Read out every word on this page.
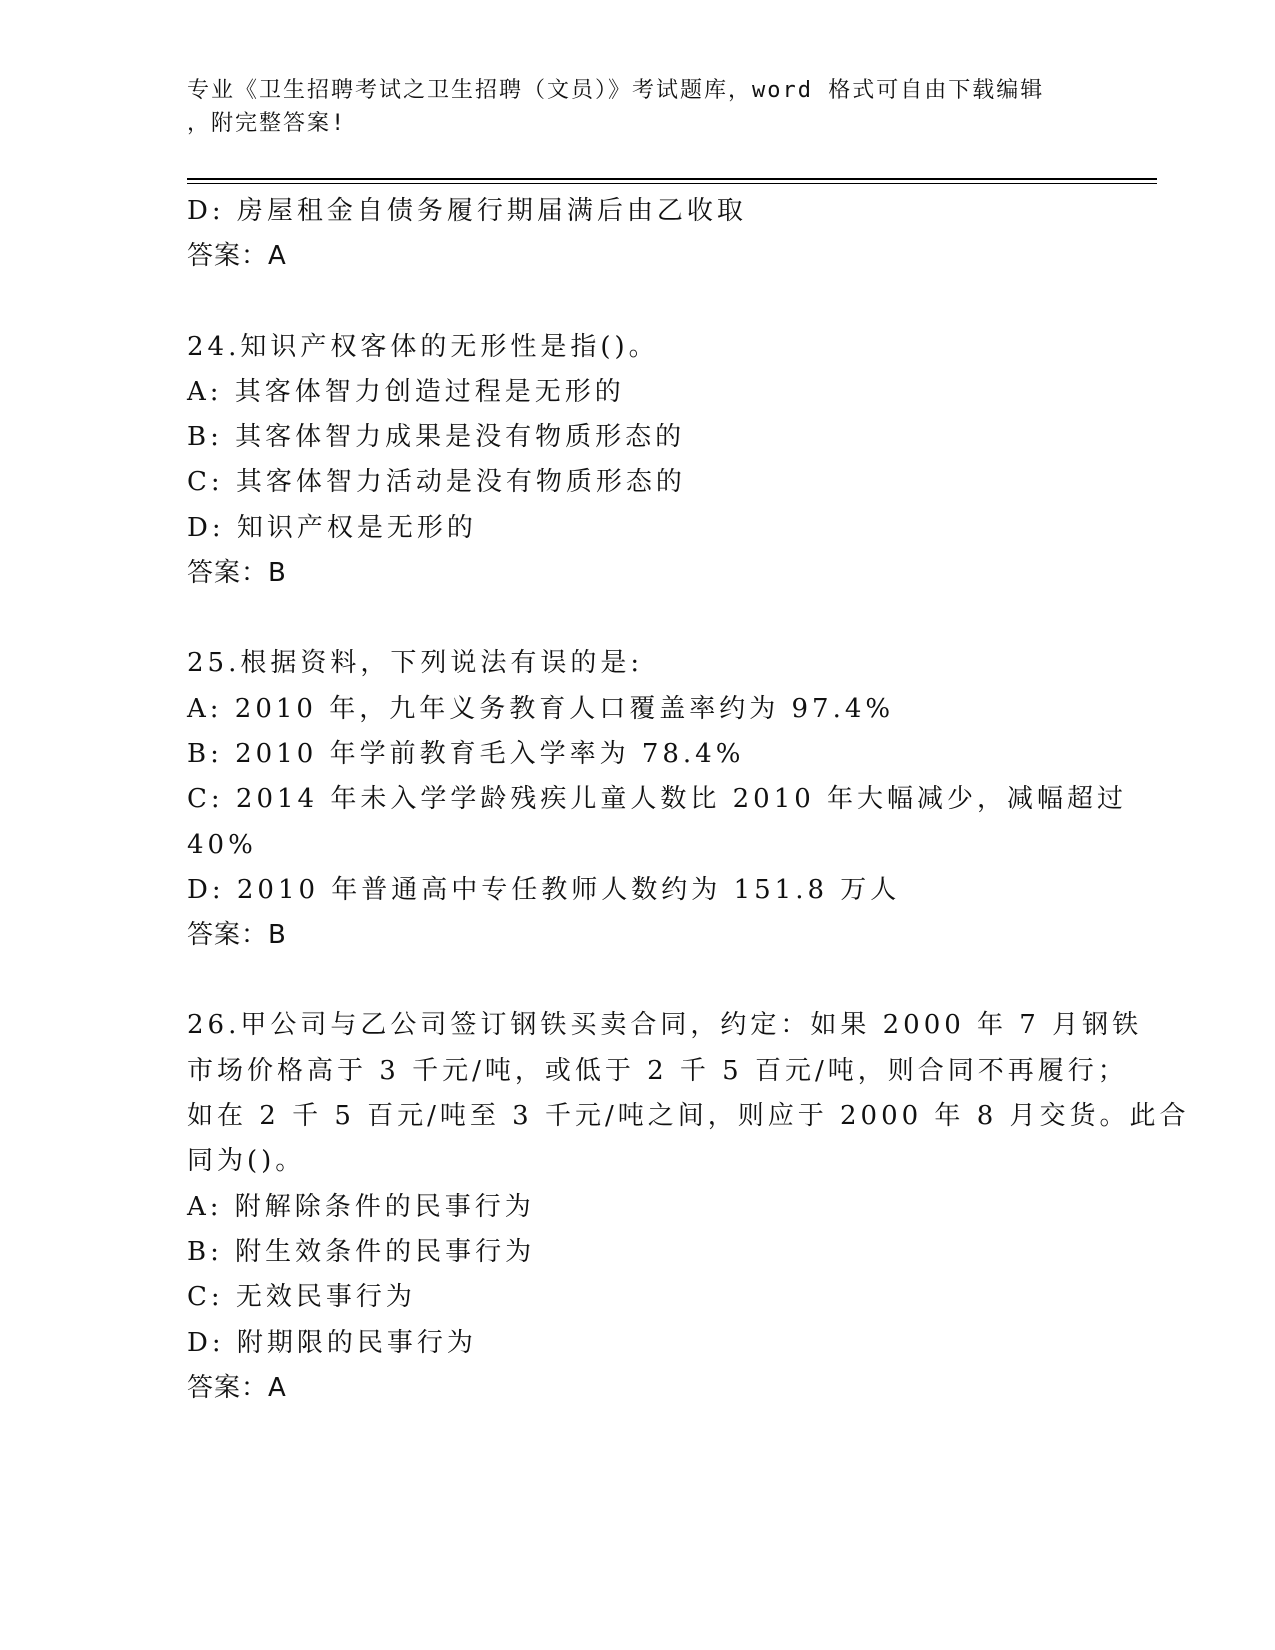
专业《卫生招聘考试之卫生招聘（文员）》考试题库，word 格式可自由下载编辑
，附完整答案!
D: 房屋租金自债务履行期届满后由乙收取
答案：A
24.知识产权客体的无形性是指()。
A: 其客体智力创造过程是无形的
B: 其客体智力成果是没有物质形态的
C: 其客体智力活动是没有物质形态的
D: 知识产权是无形的
答案：B
25.根据资料，下列说法有误的是:
A: 2010 年，九年义务教育人口覆盖率约为 97.4%
B: 2010 年学前教育毛入学率为 78.4%
C: 2014 年未入学学龄残疾儿童人数比 2010 年大幅减少，减幅超过
40%
D: 2010 年普通高中专任教师人数约为 151.8 万人
答案：B
26.甲公司与乙公司签订钢铁买卖合同，约定：如果 2000 年 7 月钢铁
市场价格高于 3 千元/吨，或低于 2 千 5 百元/吨，则合同不再履行；
如在 2 千 5 百元/吨至 3 千元/吨之间，则应于 2000 年 8 月交货。此合
同为()。
A: 附解除条件的民事行为
B: 附生效条件的民事行为
C: 无效民事行为
D: 附期限的民事行为
答案：A
